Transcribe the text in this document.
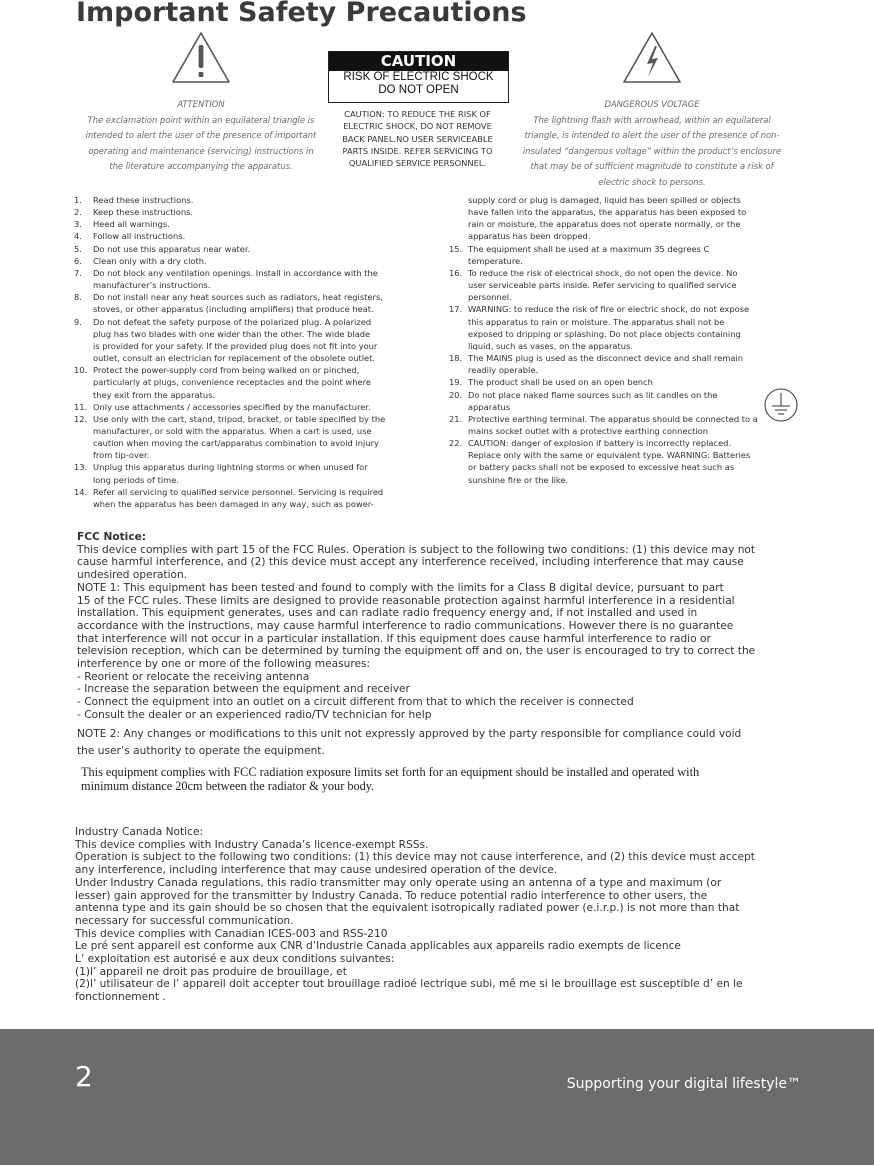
Important Safety Precautions
ATTENTION
The exclamation point within an equilateral triangle is
intended to alert the user of the presence of important
operating and maintenance (servicing) instructions in
the literature accompanying the apparatus.
CAUTION
RISK OF ELECTRIC SHOCK
DO NOT OPEN
CAUTION: TO REDUCE THE RISK OF
ELECTRIC SHOCK, DO NOT REMOVE
BACK PANEL.NO USER SERVICEABLE
PARTS INSIDE. REFER SERVICING TO
QUALIFIED SERVICE PERSONNEL.
DANGEROUS VOLTAGE
The lightning flash with arrowhead, within an equilateral
triangle, is intended to alert the user of the presence of non-
insulated “dangerous voltage” within the product’s enclosure
that may be of sufficient magnitude to constitute a risk of
electric shock to persons.
1.	Read these instructions.
2.	Keep these instructions.
3.	Heed all warnings.
4.	Follow all instructions.
5.	Do not use this apparatus near water.
6.	Clean only with a dry cloth.
7.	Do not block any ventilation openings. Install in accordance with the
manufacturer’s instructions.
8.	Do not install near any heat sources such as radiators, heat registers,
stoves, or other apparatus (including amplifiers) that produce heat.
9.	Do not defeat the safety purpose of the polarized plug. A polarized
plug has two blades with one wider than the other. The wide blade
is provided for your safety. If the provided plug does not fit into your
outlet, consult an electrician for replacement of the obsolete outlet.
10. Protect the power-supply cord from being walked on or pinched,
particularly at plugs, convenience receptacles and the point where
they exit from the apparatus.
11. Only use attachments / accessories specified by the manufacturer.
12. Use only with the cart, stand, tripod, bracket, or table specified by the
manufacturer, or sold with the apparatus. When a cart is used, use
caution when moving the cart/apparatus combination to avoid injury
from tip-over.
13. Unplug this apparatus during lightning storms or when unused for
long periods of time.
14. Refer all servicing to qualified service personnel. Servicing is required
when the apparatus has been damaged in any way, such as power-
supply cord or plug is damaged, liquid has been spilled or objects
have fallen into the apparatus, the apparatus has been exposed to
rain or moisture, the apparatus does not operate normally, or the
apparatus has been dropped.
15. The equipment shall be used at a maximum 35 degrees C
temperature.
16. To reduce the risk of electrical shock, do not open the device. No
user serviceable parts inside. Refer servicing to qualified service
personnel.
17. WARNING: to reduce the risk of fire or electric shock, do not expose
this apparatus to rain or moisture. The apparatus shall not be
exposed to dripping or splashing. Do not place objects containing
liquid, such as vases, on the apparatus.
18. The MAINS plug is used as the disconnect device and shall remain
readily operable.
19. The product shall be used on an open bench
20. Do not place naked flame sources such as lit candles on the
apparatus
21. Protective earthing terminal. The apparatus should be connected to a
mains socket outlet with a protective earthing connection
22. CAUTION: danger of explosion if battery is incorrectly replaced.
Replace only with the same or equivalent type. WARNING: Batteries
or battery packs shall not be exposed to excessive heat such as
sunshine fire or the like.

FCC Notice:

This device complies with part 15 of the FCC Rules. Operation is subject to the following two conditions: (1) this device may not
cause harmful interference, and (2) this device must accept any interference received, including interference that may cause
undesired operation.
NOTE 1: This equipment has been tested and found to comply with the limits for a Class B digital device, pursuant to part
15 of the FCC rules. These limits are designed to provide reasonable protection against harmful interference in a residential
installation. This equipment generates, uses and can radiate radio frequency energy and, if not installed and used in
accordance with the instructions, may cause harmful interference to radio communications. However there is no guarantee
that interference will not occur in a particular installation. If this equipment does cause harmful interference to radio or
television reception, which can be determined by turning the equipment off and on, the user is encouraged to try to correct the
interference by one or more of the following measures:
- Reorient or relocate the receiving antenna
- Increase the separation between the equipment and receiver
- Connect the equipment into an outlet on a circuit different from that to which the receiver is connected
- Consult the dealer or an experienced radio/TV technician for help
NOTE 2: Any changes or modifications to this unit not expressly approved by the party responsible for compliance could void
the user’s authority to operate the equipment.
This equipment complies with FCC radiation exposure limits set forth for an equipment should be installed and operated with
minimum distance 20cm between the radiator & your body.

Industry Canada Notice:

This device complies with Industry Canada’s licence-exempt RSSs.
Operation is subject to the following two conditions: (1) this device may not cause interference, and (2) this device must accept
any interference, including interference that may cause undesired operation of the device.
Under Industry Canada regulations, this radio transmitter may only operate using an antenna of a type and maximum (or
lesser) gain approved for the transmitter by Industry Canada. To reduce potential radio interference to other users, the
antenna type and its gain should be so chosen that the equivalent isotropically radiated power (e.i.r.p.) is not more than that
necessary for successful communication.
This device complies with Canadian ICES-003 and RSS-210
Le pré sent appareil est conforme aux CNR d’Industrie Canada applicables aux appareils radio exempts de licence
L’ exploitation est autorisé e aux deux conditions suivantes:
(1)l’ appareil ne droit pas produire de brouillage, et
(2)l’ utilisateur de l’ appareil doit accepter tout brouillage radioé lectrique subi, mê me si le brouillage est susceptible d’ en le
fonctionnement .
2	Supporting your digital lifestyle™
